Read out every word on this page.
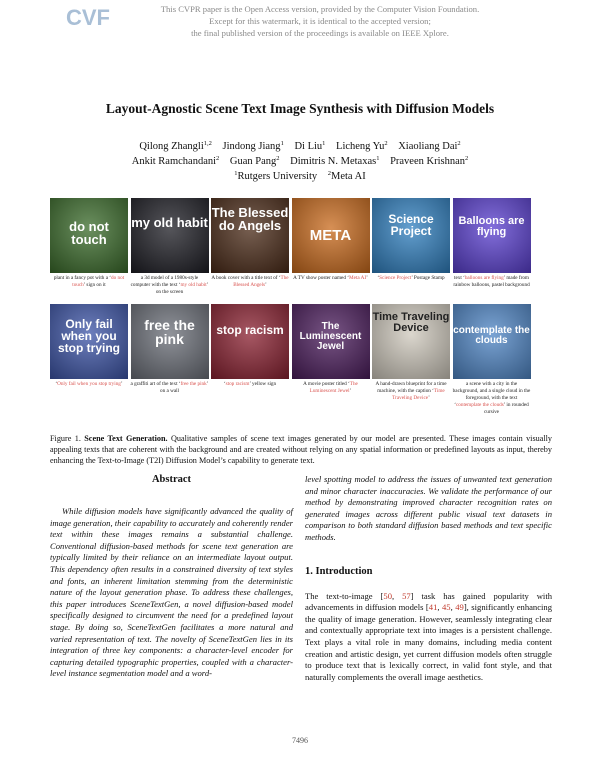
CVF	This CVPR paper is the Open Access version, provided by the Computer Vision Foundation.
Except for this watermark, it is identical to the accepted version;
the final published version of the proceedings is available on IEEE Xplore.
Layout-Agnostic Scene Text Image Synthesis with Diffusion Models
Qilong Zhangli$^{1,2}$ Jindong Jiang$^1$ Di Liu$^1$ Licheng Yu$^2$ Xiaoliang Dai$^2$
Ankit Ramchandani$^2$ Guan Pang$^2$ Dimitris N. Metaxas$^1$ Praveen Krishnan$^2$
$^1$Rutgers University $^2$Meta AI
do not touch
plant in a fancy pot with a ‘do not touch’ sign on it
my old habit
a 3d model of a 1980s-style computer with the text ‘my old habit’ on the screen
The Blessed do Angels
A book cover with a title text of ‘The Blessed Angels’
META
A TV show poster named ‘Meta AI’
Science Project
‘Science Project’ Postage Stamp
Balloons are flying
text ‘balloons are flying’ made from rainbow balloons, pastel background
Only fail when you stop trying
‘Only fail when you stop trying’
free the pink
a graffiti art of the text ‘free the pink’ on a wall
stop racism
‘stop racism’ yellow sign
The Luminescent Jewel
A movie poster titled ‘The Luminescent Jewel’
Time Traveling Device
A hand-drawn blueprint for a time machine, with the caption ‘Time Traveling Device’
contemplate the clouds
a scene with a city in the background, and a single cloud in the foreground, with the text ‘contemplate the clouds’ in rounded cursive
Figure 1. Scene Text Generation. Qualitative samples of scene text images generated by our model are presented. These images contain visually appealing texts that are coherent with the background and are created without relying on any spatial information or predefined layouts as input, thereby enhancing the Text-to-Image (T2I) Diffusion Model’s capability to generate text.
Abstract
While diffusion models have significantly advanced the quality of image generation, their capability to accurately and coherently render text within these images remains a substantial challenge. Conventional diffusion-based methods for scene text generation are typically limited by their reliance on an intermediate layout output. This dependency often results in a constrained diversity of text styles and fonts, an inherent limitation stemming from the deterministic nature of the layout generation phase. To address these challenges, this paper introduces SceneTextGen, a novel diffusion-based model specifically designed to circumvent the need for a predefined layout stage. By doing so, SceneTextGen facilitates a more natural and varied representation of text. The novelty of SceneTextGen lies in its integration of three key components: a character-level encoder for capturing detailed typographic properties, coupled with a character-level instance segmentation model and a word-
level spotting model to address the issues of unwanted text generation and minor character inaccuracies. We validate the performance of our method by demonstrating improved character recognition rates on generated images across different public visual text datasets in comparison to both standard diffusion based methods and text specific methods.
1. Introduction
The text-to-image [50, 57] task has gained popularity with advancements in diffusion models [41, 45, 49], significantly enhancing the quality of image generation. However, seamlessly integrating clear and contextually appropriate text into images is a persistent challenge. Text plays a vital role in many domains, including media content creation and artistic design, yet current diffusion models often struggle to produce text that is lexically correct, in valid font style, and that naturally complements the overall image aesthetics.
7496
